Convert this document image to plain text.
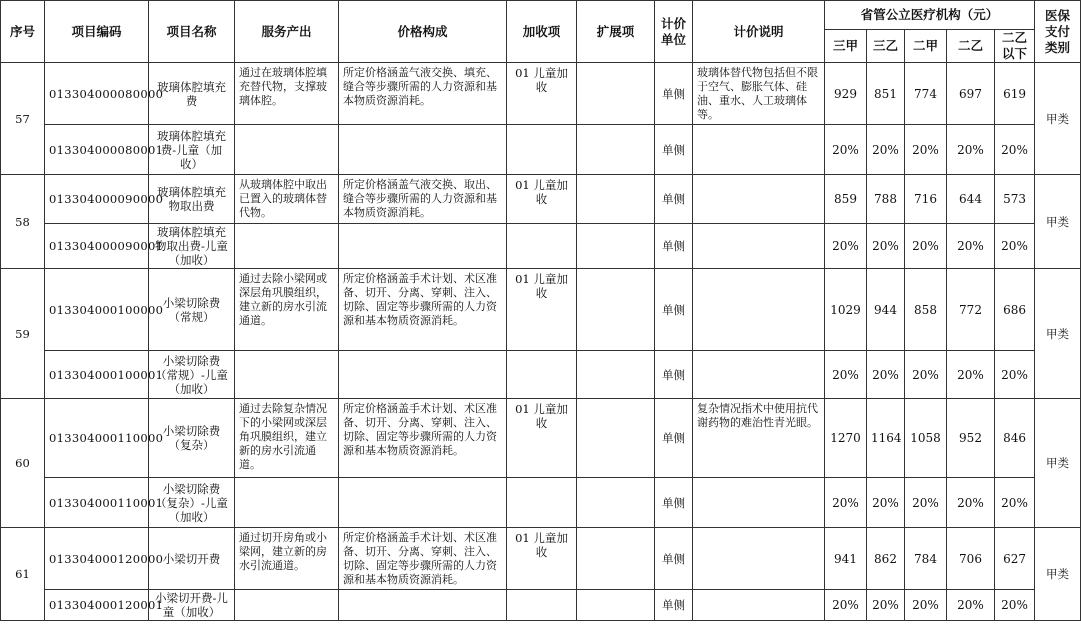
序号	项目编码	项目名称	服务产出	价格构成	加收项	扩展项	计价单位	计价说明	省管公立医疗机构（元）					医保支付类别
									三甲	三乙	二甲	二乙	二乙以下	
57	013304000080000	玻璃体腔填充费	通过在玻璃体腔填充替代物，支撑玻璃体腔。	所定价格涵盖气液交换、填充、缝合等步骤所需的人力资源和基本物质资源消耗。	01 儿童加收		单侧	玻璃体替代物包括但不限于空气、膨胀气体、硅油、重水、人工玻璃体等。	929	851	774	697	619	甲类
	013304000080001	玻璃体腔填充费-儿童（加收）					单侧		20%	20%	20%	20%	20%	
58	013304000090000	玻璃体腔填充物取出费	从玻璃体腔中取出已置入的玻璃体替代物。	所定价格涵盖气液交换、取出、缝合等步骤所需的人力资源和基本物质资源消耗。	01 儿童加收		单侧		859	788	716	644	573	甲类
	013304000090001	玻璃体腔填充物取出费-儿童（加收）					单侧		20%	20%	20%	20%	20%	
59	013304000100000	小梁切除费（常规）	通过去除小梁网或深层角巩膜组织，建立新的房水引流通道。	所定价格涵盖手术计划、术区准备、切开、分离、穿刺、注入、切除、固定等步骤所需的人力资源和基本物质资源消耗。	01 儿童加收		单侧		1029	944	858	772	686	甲类
	013304000100001	小梁切除费（常规）-儿童（加收）					单侧		20%	20%	20%	20%	20%	
60	013304000110000	小梁切除费（复杂）	通过去除复杂情况下的小梁网或深层角巩膜组织，建立新的房水引流通道。	所定价格涵盖手术计划、术区准备、切开、分离、穿刺、注入、切除、固定等步骤所需的人力资源和基本物质资源消耗。	01 儿童加收		单侧	复杂情况指术中使用抗代谢药物的难治性青光眼。	1270	1164	1058	952	846	甲类
	013304000110001	小梁切除费（复杂）-儿童（加收）					单侧		20%	20%	20%	20%	20%	
61	013304000120000	小梁切开费	通过切开房角或小梁网，建立新的房水引流通道。	所定价格涵盖手术计划、术区准备、切开、分离、穿刺、注入、切除、固定等步骤所需的人力资源和基本物质资源消耗。	01 儿童加收		单侧		941	862	784	706	627	甲类
	013304000120001	小梁切开费-儿童（加收）					单侧		20%	20%	20%	20%	20%	
